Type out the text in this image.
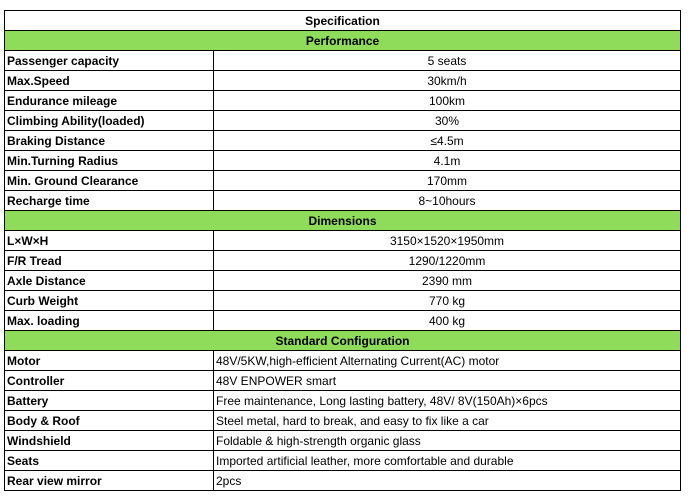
Specification	
Performance	
Passenger capacity	5 seats
Max.Speed	30km/h
Endurance mileage	100km
Climbing Ability(loaded)	30%
Braking Distance	≤4.5m
Min.Turning Radius	4.1m
Min. Ground Clearance	170mm
Recharge time	8~10hours
Dimensions	
L×W×H	3150×1520×1950mm
F/R Tread	1290/1220mm
Axle Distance	2390 mm
Curb Weight	770 kg
Max. loading	400 kg
Standard Configuration	
Motor	48V/5KW,high-efficient Alternating Current(AC) motor
Controller	48V ENPOWER smart
Battery	Free maintenance, Long lasting battery, 48V/ 8V(150Ah)×6pcs
Body & Roof	Steel metal, hard to break, and easy to fix like a car
Windshield	Foldable & high-strength organic glass
Seats	Imported artificial leather, more comfortable and durable
Rear view mirror	2pcs
